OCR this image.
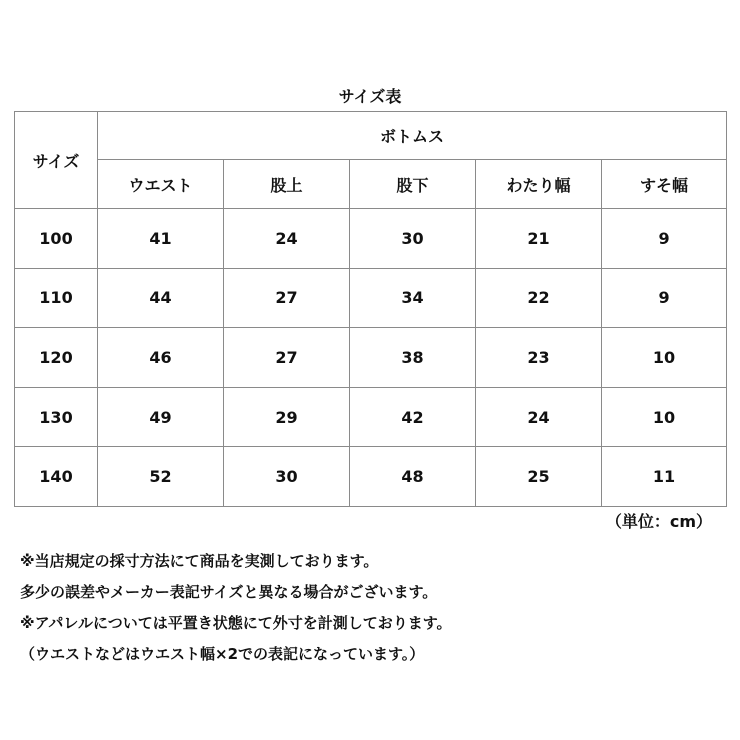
サイズ表
サイズ	ボトムス				
	ウエスト	股上	股下	わたり幅	すそ幅
100	41	24	30	21	9
110	44	27	34	22	9
120	46	27	38	23	10
130	49	29	42	24	10
140	52	30	48	25	11
（単位：cm）
※当店規定の採寸方法にて商品を実測しております。
多少の誤差やメーカー表記サイズと異なる場合がございます。
※アパレルについては平置き状態にて外寸を計測しております。
（ウエストなどはウエスト幅×2での表記になっています。）
